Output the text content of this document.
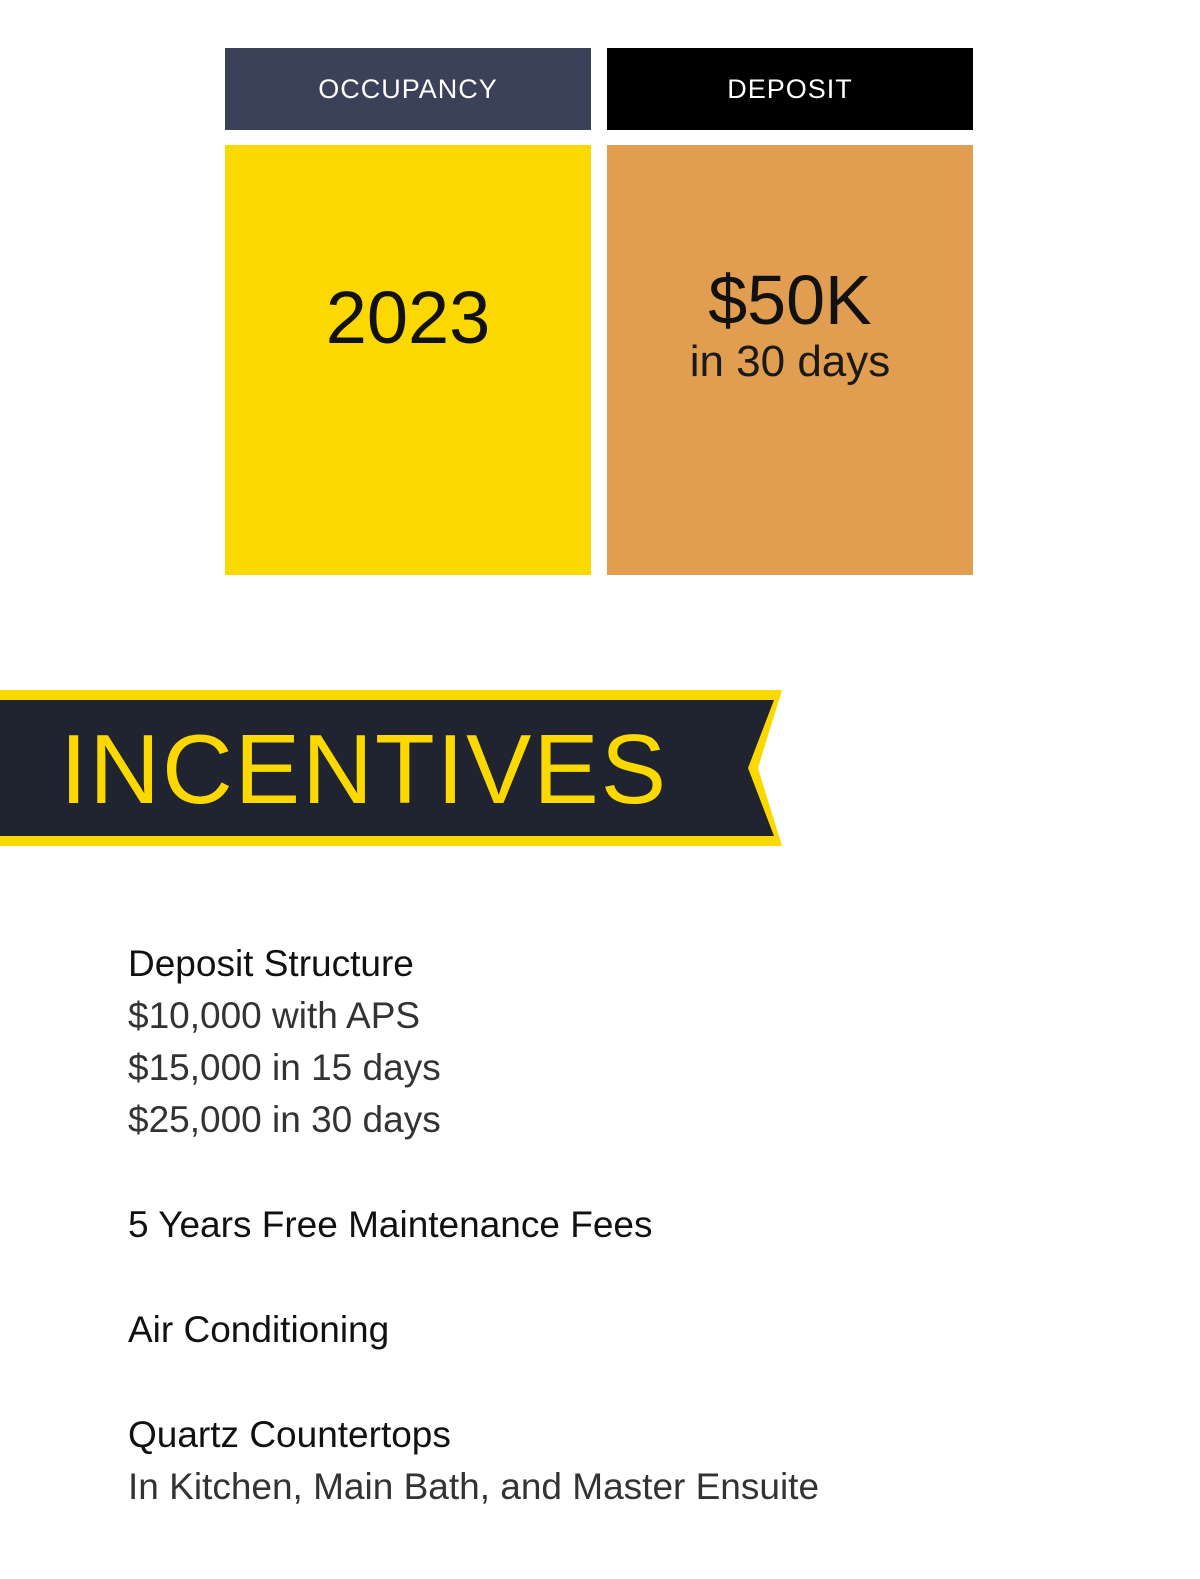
OCCUPANCY	DEPOSIT
2023	$50K
in 30 days
INCENTIVES
Deposit Structure
$10,000 with APS
$15,000 in 15 days
$25,000 in 30 days
5 Years Free Maintenance Fees
Air Conditioning
Quartz Countertops
In Kitchen, Main Bath, and Master Ensuite
